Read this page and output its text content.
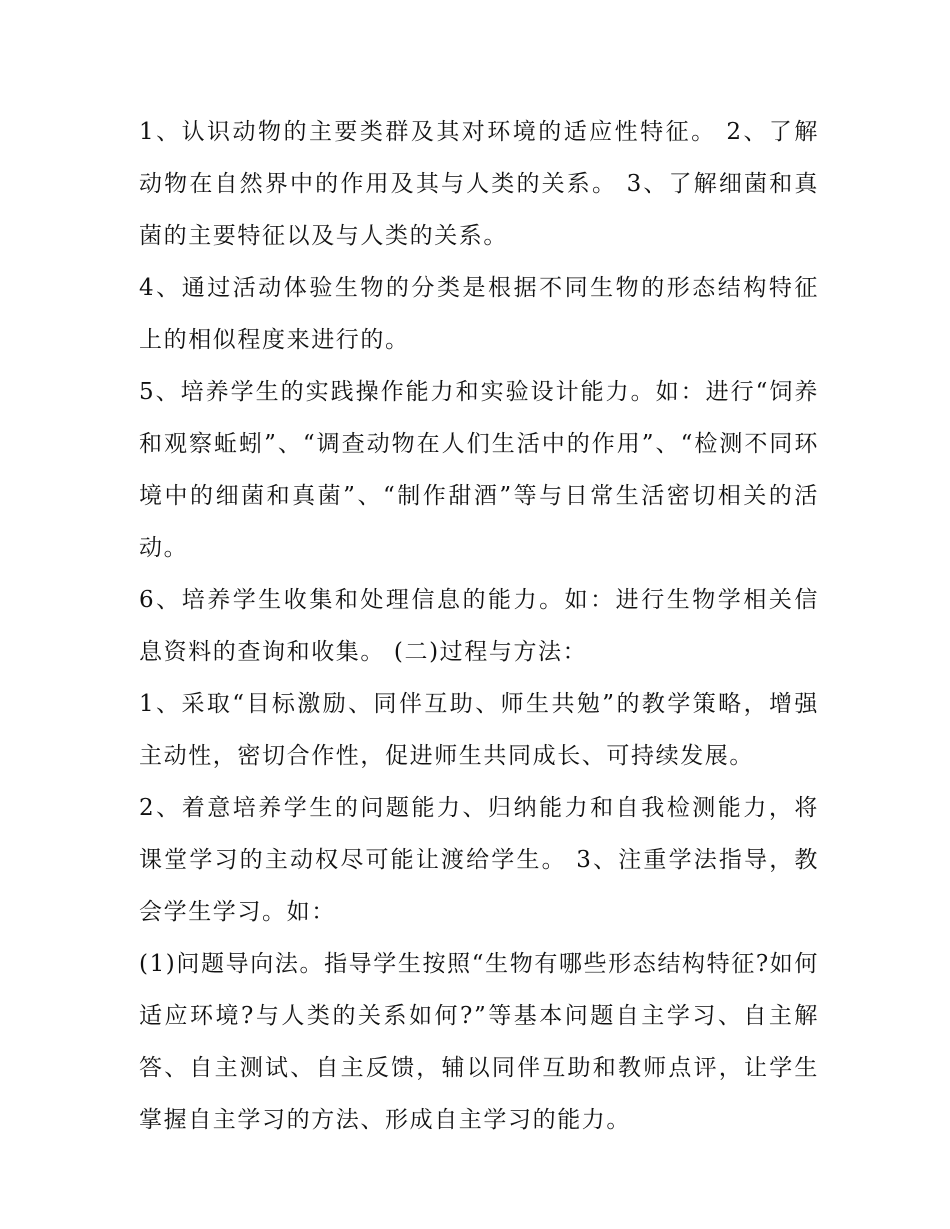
1、认识动物的主要类群及其对环境的适应性特征。 2、了解动物在自然界中的作用及其与人类的关系。 3、了解细菌和真菌的主要特征以及与人类的关系。

4、通过活动体验生物的分类是根据不同生物的形态结构特征上的相似程度来进行的。

5、培养学生的实践操作能力和实验设计能力。如：进行“饲养和观察蚯蚓”、“调查动物在人们生活中的作用”、“检测不同环境中的细菌和真菌”、“制作甜酒”等与日常生活密切相关的活动。

6、培养学生收集和处理信息的能力。如：进行生物学相关信息资料的查询和收集。 (二)过程与方法：

1、采取“目标激励、同伴互助、师生共勉”的教学策略，增强主动性，密切合作性，促进师生共同成长、可持续发展。

2、着意培养学生的问题能力、归纳能力和自我检测能力，将课堂学习的主动权尽可能让渡给学生。 3、注重学法指导，教会学生学习。如：

(1)问题导向法。指导学生按照“生物有哪些形态结构特征?如何适应环境?与人类的关系如何?”等基本问题自主学习、自主解答、自主测试、自主反馈，辅以同伴互助和教师点评，让学生掌握自主学习的方法、形成自主学习的能力。
